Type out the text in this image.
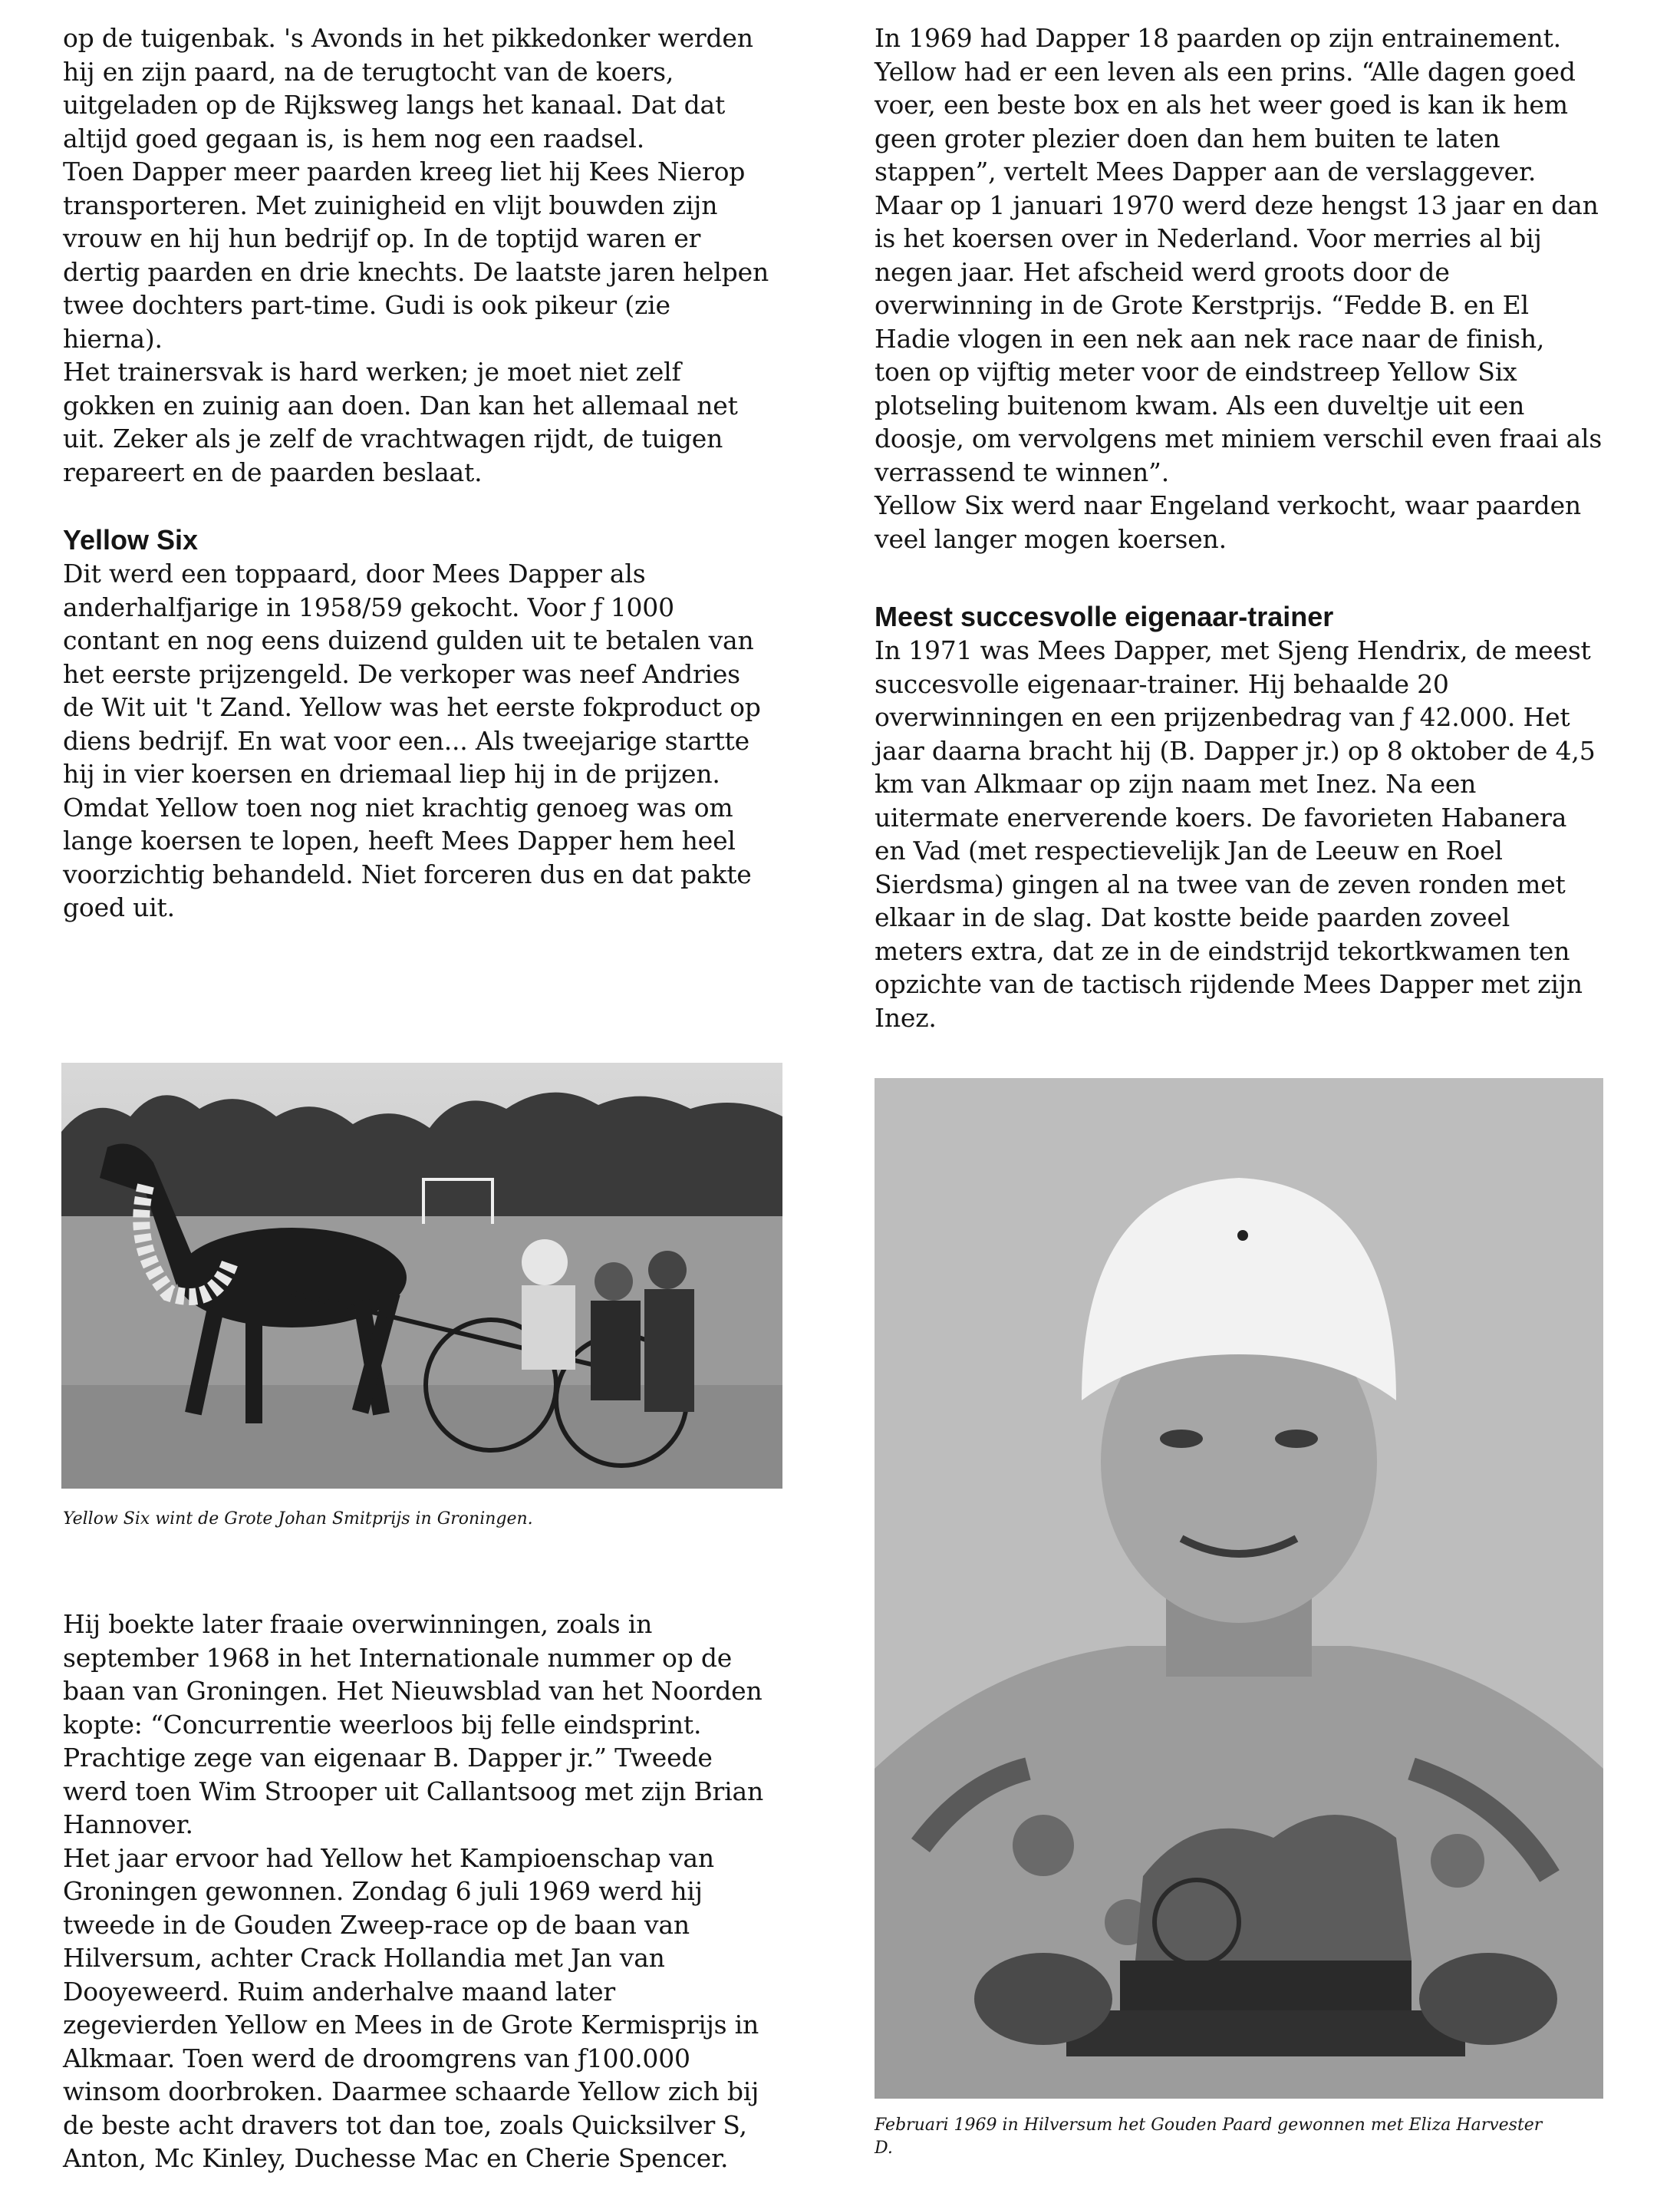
op de tuigenbak. 's Avonds in het pikkedonker werden hij en zijn paard, na de terugtocht van de koers, uitgeladen op de Rijksweg langs het kanaal. Dat dat altijd goed gegaan is, is hem nog een raadsel.

Toen Dapper meer paarden kreeg liet hij Kees Nierop transporteren. Met zuinigheid en vlijt bouwden zijn vrouw en hij hun bedrijf op. In de toptijd waren er dertig paarden en drie knechts. De laatste jaren helpen twee dochters part-time. Gudi is ook pikeur (zie hierna).

Het trainersvak is hard werken; je moet niet zelf gokken en zuinig aan doen. Dan kan het allemaal net uit. Zeker als je zelf de vrachtwagen rijdt, de tuigen repareert en de paarden beslaat.

Yellow Six

Dit werd een toppaard, door Mees Dapper als anderhalfjarige in 1958/59 gekocht. Voor ƒ 1000 contant en nog eens duizend gulden uit te betalen van het eerste prijzengeld. De verkoper was neef Andries de Wit uit 't Zand. Yellow was het eerste fokproduct op diens bedrijf. En wat voor een... Als tweejarige startte hij in vier koersen en driemaal liep hij in de prijzen. Omdat Yellow toen nog niet krachtig genoeg was om lange koersen te lopen, heeft Mees Dapper hem heel voorzichtig behandeld. Niet forceren dus en dat pakte goed uit.

Yellow Six wint de Grote Johan Smitprijs in Groningen.

Hij boekte later fraaie overwinningen, zoals in september 1968 in het Internationale nummer op de baan van Groningen. Het Nieuwsblad van het Noorden kopte: “Concurrentie weerloos bij felle eindsprint. Prachtige zege van eigenaar B. Dapper jr.” Tweede werd toen Wim Strooper uit Callantsoog met zijn Brian Hannover.

Het jaar ervoor had Yellow het Kampioenschap van Groningen gewonnen. Zondag 6 juli 1969 werd hij tweede in de Gouden Zweep-race op de baan van Hilversum, achter Crack Hollandia met Jan van Dooyeweerd. Ruim anderhalve maand later zegevierden Yellow en Mees in de Grote Kermisprijs in Alkmaar. Toen werd de droomgrens van ƒ100.000 winsom doorbroken. Daarmee schaarde Yellow zich bij de beste acht dravers tot dan toe, zoals Quicksilver S, Anton, Mc Kinley, Duchesse Mac en Cherie Spencer.

In 1969 had Dapper 18 paarden op zijn entrainement. Yellow had er een leven als een prins. “Alle dagen goed voer, een beste box en als het weer goed is kan ik hem geen groter plezier doen dan hem buiten te laten stappen”, vertelt Mees Dapper aan de verslaggever. Maar op 1 januari 1970 werd deze hengst 13 jaar en dan is het koersen over in Nederland. Voor merries al bij negen jaar. Het afscheid werd groots door de overwinning in de Grote Kerstprijs. “Fedde B. en El Hadie vlogen in een nek aan nek race naar de finish, toen op vijftig meter voor de eindstreep Yellow Six plotseling buitenom kwam. Als een duveltje uit een doosje, om vervolgens met miniem verschil even fraai als verrassend te winnen”.

Yellow Six werd naar Engeland verkocht, waar paarden veel langer mogen koersen.

Meest succesvolle eigenaar-trainer

In 1971 was Mees Dapper, met Sjeng Hendrix, de meest succesvolle eigenaar-trainer. Hij behaalde 20 overwinningen en een prijzenbedrag van ƒ 42.000. Het jaar daarna bracht hij (B. Dapper jr.) op 8 oktober de 4,5 km van Alkmaar op zijn naam met Inez. Na een uitermate enerverende koers. De favorieten Habanera en Vad (met respectievelijk Jan de Leeuw en Roel Sierdsma) gingen al na twee van de zeven ronden met elkaar in de slag. Dat kostte beide paarden zoveel meters extra, dat ze in de eindstrijd tekortkwamen ten opzichte van de tactisch rijdende Mees Dapper met zijn Inez.

Februari 1969 in Hilversum het Gouden Paard gewonnen met Eliza Harvester D.
